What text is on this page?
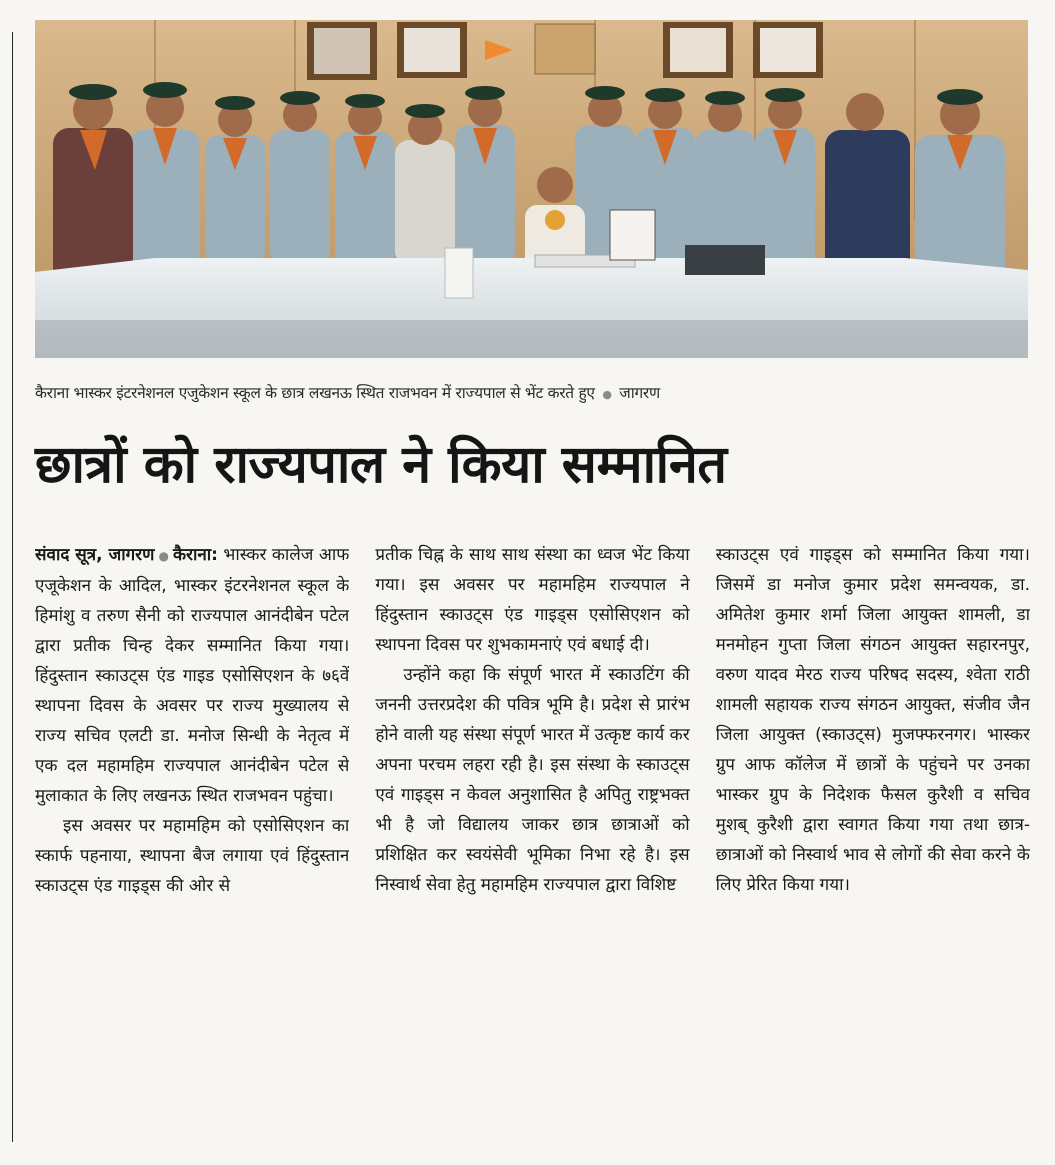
कैराना भास्कर इंटरनेशनल एजुकेशन स्कूल के छात्र लखनऊ स्थित राजभवन में राज्यपाल से भेंट करते हुए ● जागरण
छात्रों को राज्यपाल ने किया सम्मानित

संवाद सूत्र, जागरण ● कैराना: भास्कर कालेज आफ एजूकेशन के आदिल, भास्कर इंटरनेशनल स्कूल के हिमांशु व तरुण सैनी को राज्यपाल आनंदीबेन पटेल द्वारा प्रतीक चिन्ह देकर सम्मानित किया गया। हिंदुस्तान स्काउट्स एंड गाइड एसोसिएशन के ७६वें स्थापना दिवस के अवसर पर राज्य मुख्यालय से राज्य सचिव एलटी डा. मनोज सिन्धी के नेतृत्व में एक दल महामहिम राज्यपाल आनंदीबेन पटेल से मुलाकात के लिए लखनऊ स्थित राजभवन पहुंचा।

इस अवसर पर महामहिम को एसोसिएशन का स्कार्फ पहनाया, स्थापना बैज लगाया एवं हिंदुस्तान स्काउट्स एंड गाइड्स की ओर से

प्रतीक चिह्न के साथ साथ संस्था का ध्वज भेंट किया गया। इस अवसर पर महामहिम राज्यपाल ने हिंदुस्तान स्काउट्स एंड गाइड्स एसोसिएशन को स्थापना दिवस पर शुभकामनाएं एवं बधाई दी।

उन्होंने कहा कि संपूर्ण भारत में स्काउटिंग की जननी उत्तरप्रदेश की पवित्र भूमि है। प्रदेश से प्रारंभ होने वाली यह संस्था संपूर्ण भारत में उत्कृष्ट कार्य कर अपना परचम लहरा रही है। इस संस्था के स्काउट्स एवं गाइड्स न केवल अनुशासित है अपितु राष्ट्रभक्त भी है जो विद्यालय जाकर छात्र छात्राओं को प्रशिक्षित कर स्वयंसेवी भूमिका निभा रहे है। इस निस्वार्थ सेवा हेतु महामहिम राज्यपाल द्वारा विशिष्ट

स्काउट्स एवं गाइड्स को सम्मानित किया गया। जिसमें डा मनोज कुमार प्रदेश समन्वयक, डा. अमितेश कुमार शर्मा जिला आयुक्त शामली, डा मनमोहन गुप्ता जिला संगठन आयुक्त सहारनपुर, वरुण यादव मेरठ राज्य परिषद सदस्य, श्वेता राठी शामली सहायक राज्य संगठन आयुक्त, संजीव जैन जिला आयुक्त (स्काउट्स) मुजफ्फरनगर। भास्कर ग्रुप आफ कॉलेज में छात्रों के पहुंचने पर उनका भास्कर ग्रुप के निदेशक फैसल कुरैशी व सचिव मुशब् कुरैशी द्वारा स्वागत किया गया तथा छात्र- छात्राओं को निस्वार्थ भाव से लोगों की सेवा करने के लिए प्रेरित किया गया।
